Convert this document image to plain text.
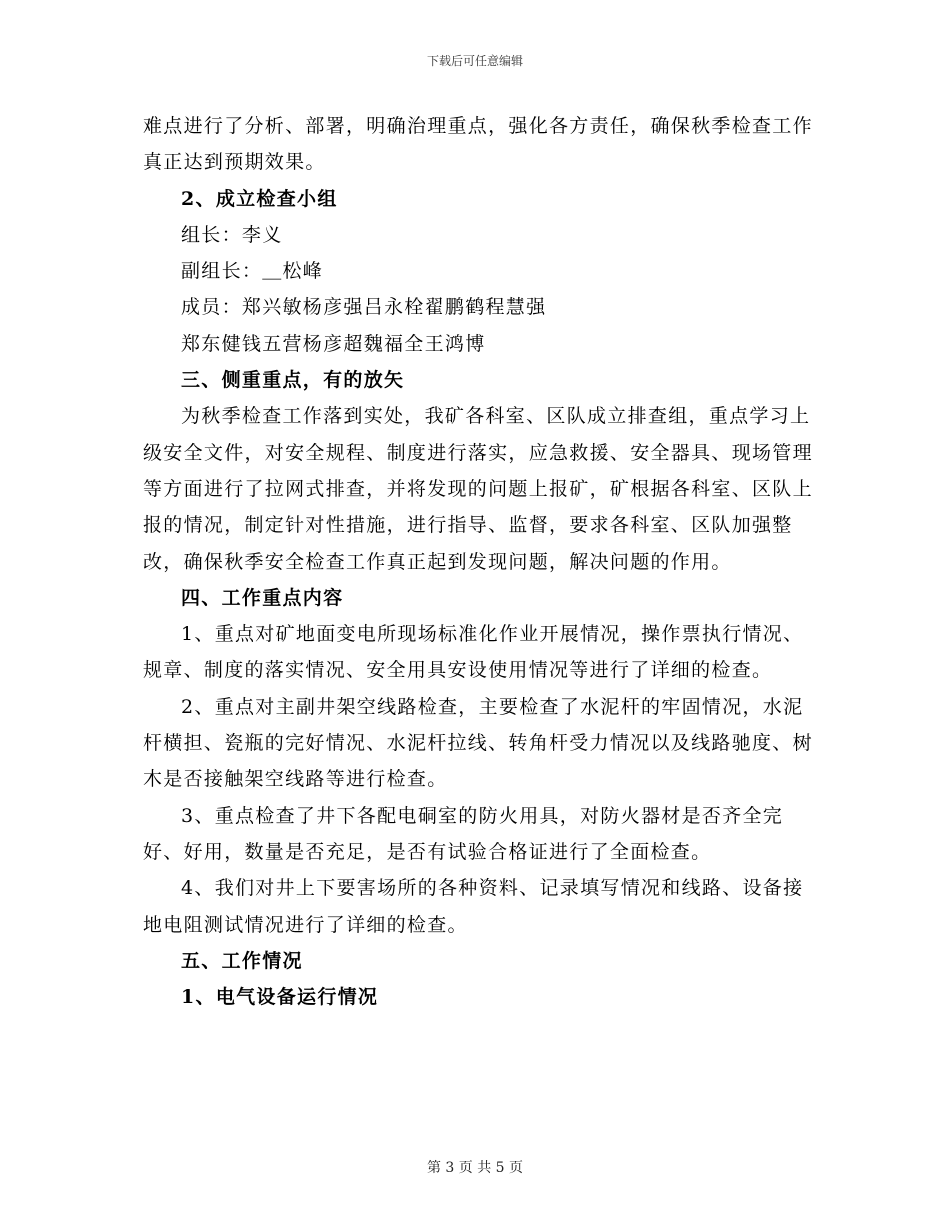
下载后可任意编辑

难点进行了分析、部署，明确治理重点，强化各方责任，确保秋季检查工作真正达到预期效果。

2、成立检查小组

组长：李义

副组长：＿松峰

成员：郑兴敏杨彦强吕永栓翟鹏鹤程慧强

郑东健钱五营杨彦超魏福全王鸿博

三、侧重重点，有的放矢

为秋季检查工作落到实处，我矿各科室、区队成立排查组，重点学习上级安全文件，对安全规程、制度进行落实，应急救援、安全器具、现场管理等方面进行了拉网式排查，并将发现的问题上报矿，矿根据各科室、区队上报的情况，制定针对性措施，进行指导、监督，要求各科室、区队加强整改，确保秋季安全检查工作真正起到发现问题，解决问题的作用。

四、工作重点内容

1、重点对矿地面变电所现场标准化作业开展情况，操作票执行情况、规章、制度的落实情况、安全用具安设使用情况等进行了详细的检查。

2、重点对主副井架空线路检查，主要检查了水泥杆的牢固情况，水泥杆横担、瓷瓶的完好情况、水泥杆拉线、转角杆受力情况以及线路驰度、树木是否接触架空线路等进行检查。

3、重点检查了井下各配电硐室的防火用具，对防火器材是否齐全完好、好用，数量是否充足，是否有试验合格证进行了全面检查。

4、我们对井上下要害场所的各种资料、记录填写情况和线路、设备接地电阻测试情况进行了详细的检查。

五、工作情况

1、电气设备运行情况

第 3 页 共 5 页
